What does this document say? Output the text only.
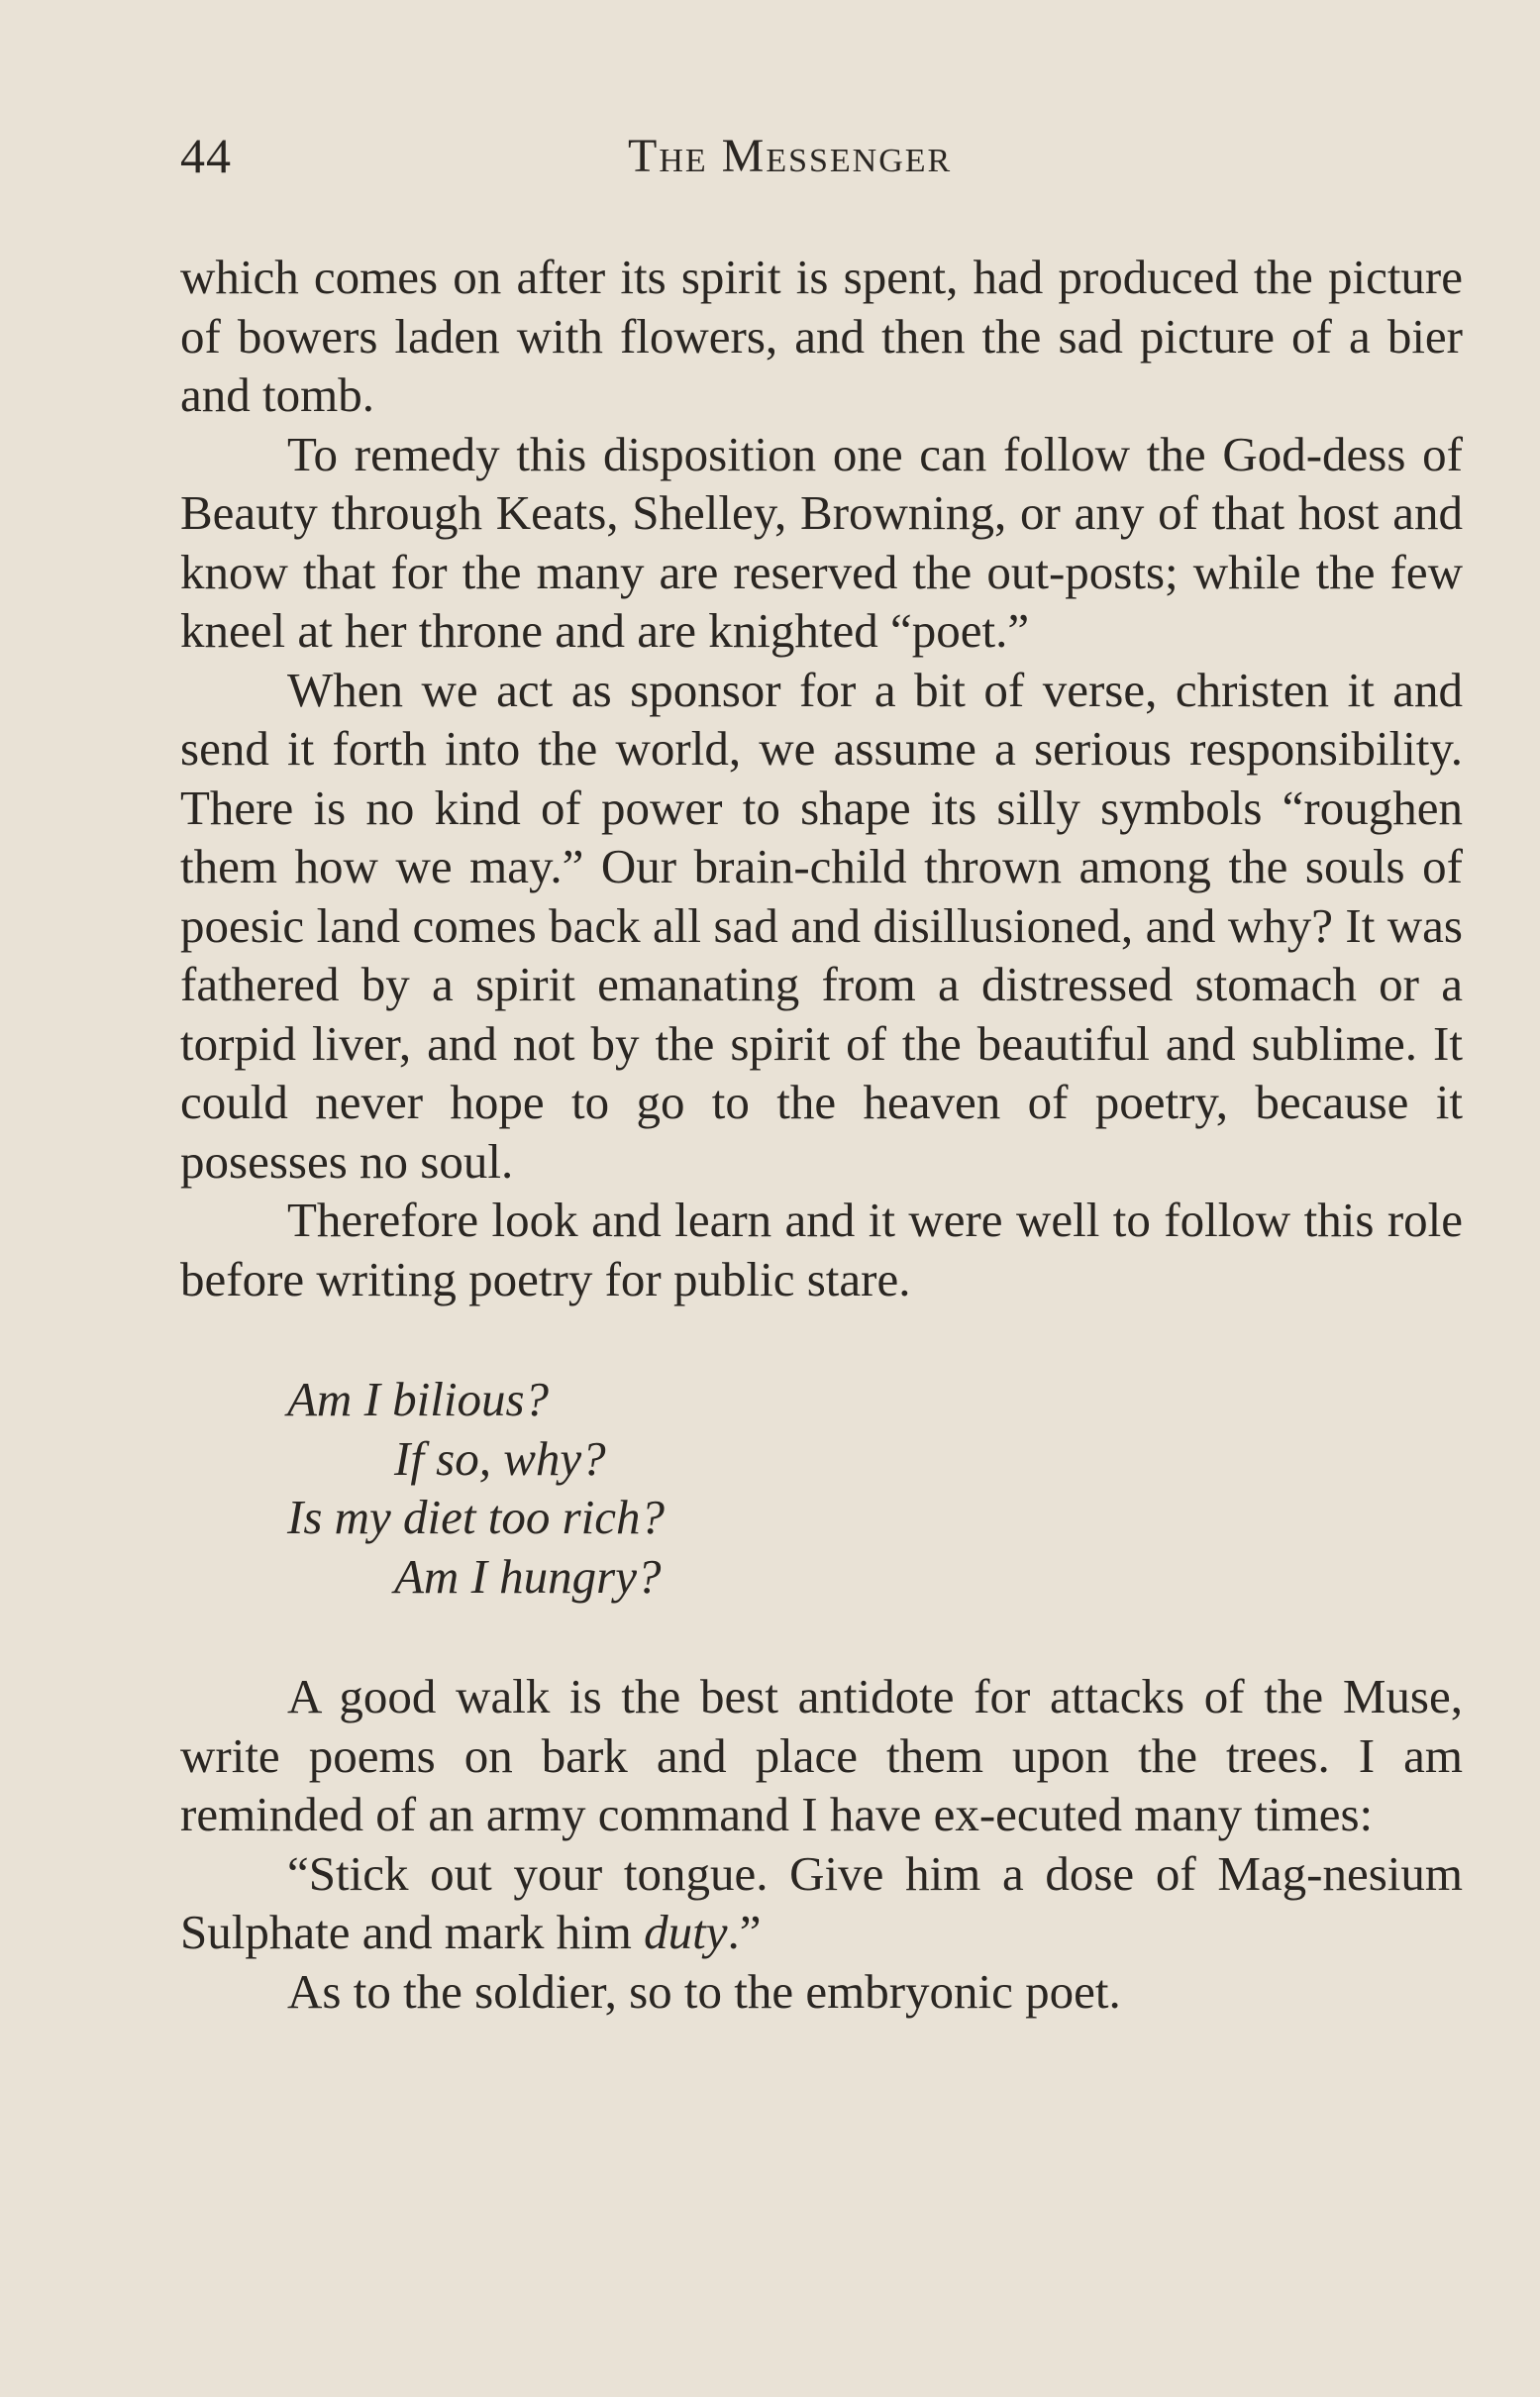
44	The Messenger

which comes on after its spirit is spent, had produced the picture of bowers laden with flowers, and then the sad picture of a bier and tomb.

To remedy this disposition one can follow the God-dess of Beauty through Keats, Shelley, Browning, or any of that host and know that for the many are reserved the out-posts; while the few kneel at her throne and are knighted “poet.”

When we act as sponsor for a bit of verse, christen it and send it forth into the world, we assume a serious responsibility. There is no kind of power to shape its silly symbols “roughen them how we may.” Our brain-child thrown among the souls of poesic land comes back all sad and disillusioned, and why? It was fathered by a spirit emanating from a distressed stomach or a torpid liver, and not by the spirit of the beautiful and sublime. It could never hope to go to the heaven of poetry, because it posesses no soul.

Therefore look and learn and it were well to follow this role before writing poetry for public stare.

Am I bilious?
If so, why?
Is my diet too rich?
Am I hungry?

A good walk is the best antidote for attacks of the Muse, write poems on bark and place them upon the trees. I am reminded of an army command I have ex-ecuted many times:

“Stick out your tongue. Give him a dose of Mag-nesium Sulphate and mark him duty.”

As to the soldier, so to the embryonic poet.
